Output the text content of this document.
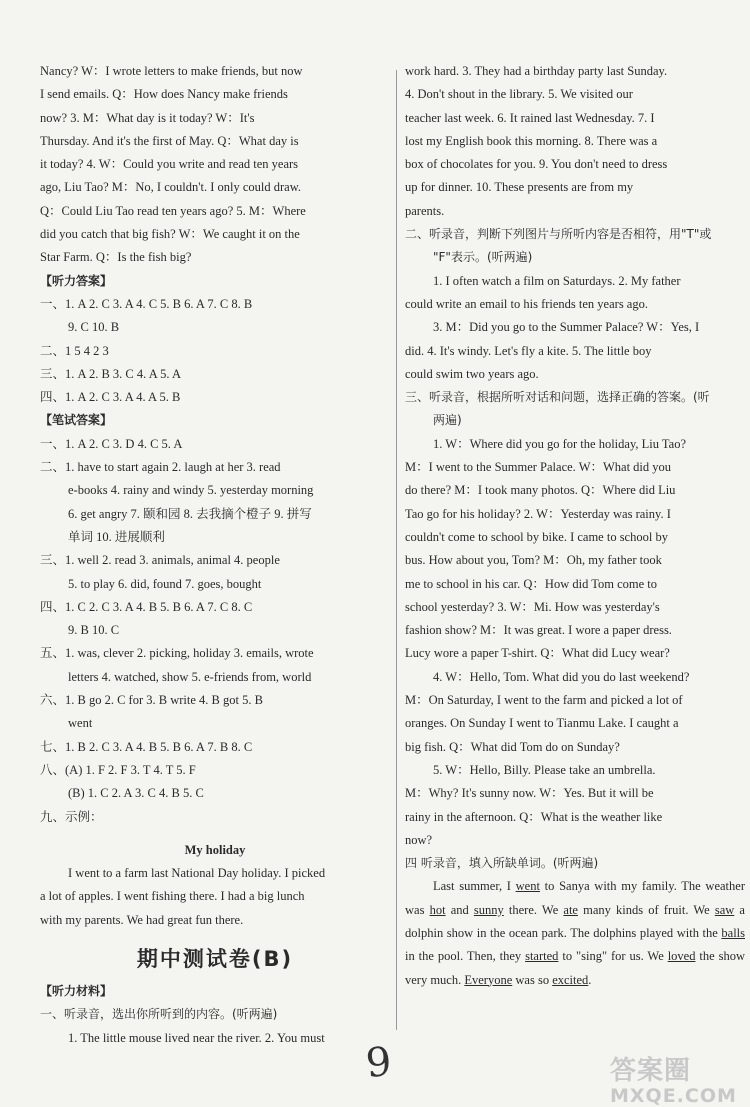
Nancy? W：I wrote letters to make friends, but now

I send emails. Q：How does Nancy make friends

now? 3. M：What day is it today? W：It's

Thursday. And it's the first of May. Q：What day is

it today? 4. W：Could you write and read ten years

ago, Liu Tao? M：No, I couldn't. I only could draw.

Q：Could Liu Tao read ten years ago? 5. M：Where

did you catch that big fish? W：We caught it on the

Star Farm. Q：Is the fish big?

【听力答案】

一、1. A 2. C 3. A 4. C 5. B 6. A 7. C 8. B

9. C 10. B

二、1 5 4 2 3

三、1. A 2. B 3. C 4. A 5. A

四、1. A 2. C 3. A 4. A 5. B

【笔试答案】

一、1. A 2. C 3. D 4. C 5. A

二、1. have to start again 2. laugh at her 3. read

e-books 4. rainy and windy 5. yesterday morning

6. get angry 7. 颐和园 8. 去我摘个橙子 9. 拼写

单词 10. 进展顺利

三、1. well 2. read 3. animals, animal 4. people

5. to play 6. did, found 7. goes, bought

四、1. C 2. C 3. A 4. B 5. B 6. A 7. C 8. C

9. B 10. C

五、1. was, clever 2. picking, holiday 3. emails, wrote

letters 4. watched, show 5. e-friends from, world

六、1. B go 2. C for 3. B write 4. B got 5. B

went

七、1. B 2. C 3. A 4. B 5. B 6. A 7. B 8. C

八、(A) 1. F 2. F 3. T 4. T 5. F

(B) 1. C 2. A 3. C 4. B 5. C

九、示例：

My holiday

I went to a farm last National Day holiday. I picked

a lot of apples. I went fishing there. I had a big lunch

with my parents. We had great fun there.

期中测试卷(B)

【听力材料】

一、听录音，选出你所听到的内容。(听两遍)

1. The little mouse lived near the river. 2. You must

work hard. 3. They had a birthday party last Sunday.

4. Don't shout in the library. 5. We visited our

teacher last week. 6. It rained last Wednesday. 7. I

lost my English book this morning. 8. There was a

box of chocolates for you. 9. You don't need to dress

up for dinner. 10. These presents are from my

parents.

二、听录音，判断下列图片与所听内容是否相符，用"T"或

"F"表示。(听两遍)

1. I often watch a film on Saturdays. 2. My father

could write an email to his friends ten years ago.

3. M：Did you go to the Summer Palace? W：Yes, I

did. 4. It's windy. Let's fly a kite. 5. The little boy

could swim two years ago.

三、听录音，根据所听对话和问题，选择正确的答案。(听

两遍)

1. W：Where did you go for the holiday, Liu Tao?

M：I went to the Summer Palace. W：What did you

do there? M：I took many photos. Q：Where did Liu

Tao go for his holiday? 2. W：Yesterday was rainy. I

couldn't come to school by bike. I came to school by

bus. How about you, Tom? M：Oh, my father took

me to school in his car. Q：How did Tom come to

school yesterday? 3. W：Mi. How was yesterday's

fashion show? M：It was great. I wore a paper dress.

Lucy wore a paper T-shirt. Q：What did Lucy wear?

4. W：Hello, Tom. What did you do last weekend?

M：On Saturday, I went to the farm and picked a lot of

oranges. On Sunday I went to Tianmu Lake. I caught a

big fish. Q：What did Tom do on Sunday?

5. W：Hello, Billy. Please take an umbrella.

M：Why? It's sunny now. W：Yes. But it will be

rainy in the afternoon. Q：What is the weather like

now?

四 听录音，填入所缺单词。(听两遍)

Last summer, I went to Sanya with my family. The weather was hot and sunny there. We ate many kinds of fruit. We saw a dolphin show in the ocean park. The dolphins played with the balls in the pool. Then, they started to "sing" for us. We loved the show very much. Everyone was so excited.

9	答案圈
MXQE.COM
